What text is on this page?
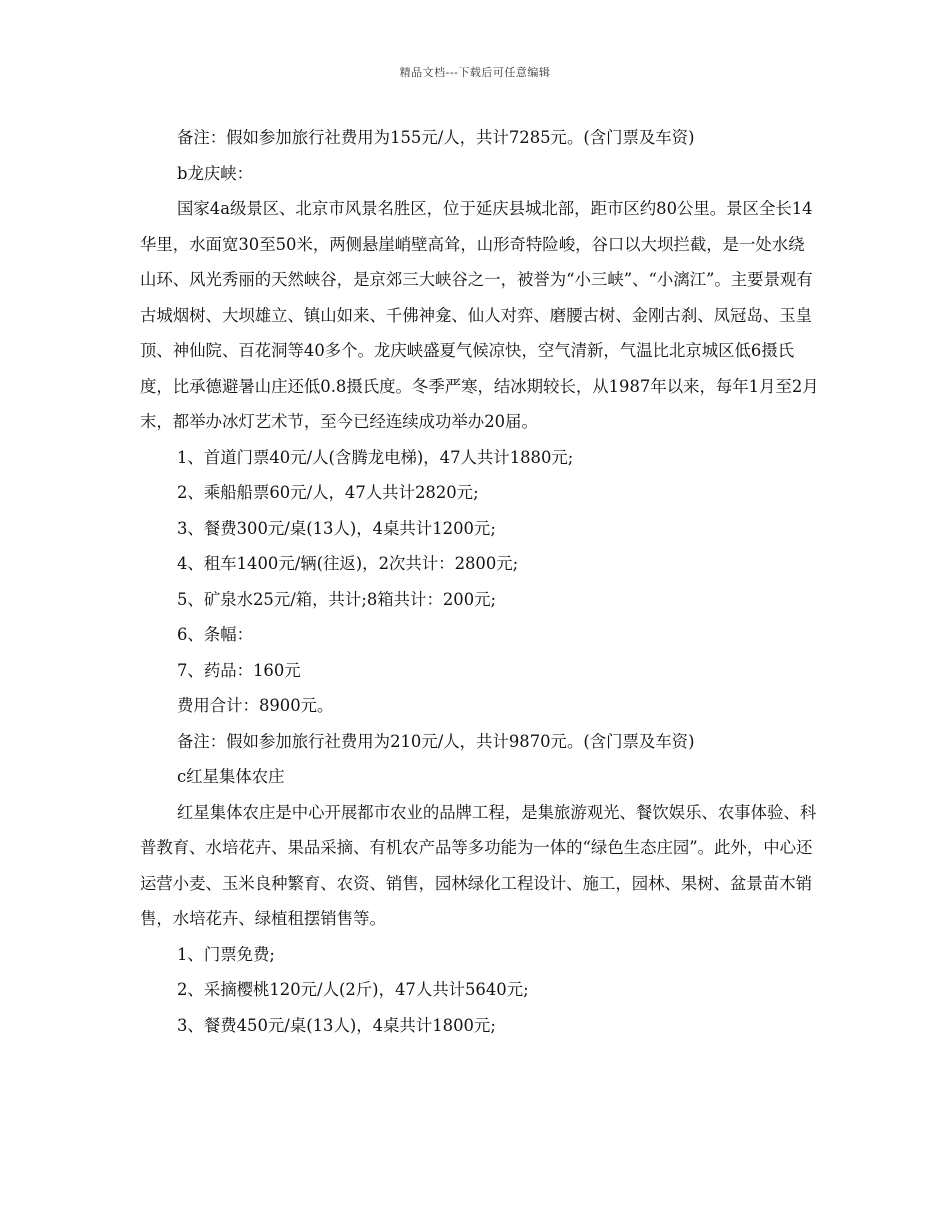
精品文档---下载后可任意编辑

备注：假如参加旅行社费用为155元/人，共计7285元。(含门票及车资)

b龙庆峡：

国家4a级景区、北京市风景名胜区，位于延庆县城北部，距市区约80公里。景区全长14华里，水面宽30至50米，两侧悬崖峭壁高耸，山形奇特险峻，谷口以大坝拦截，是一处水绕山环、风光秀丽的天然峡谷，是京郊三大峡谷之一，被誉为“小三峡”、“小漓江”。主要景观有古城烟树、大坝雄立、镇山如来、千佛神龛、仙人对弈、磨腰古树、金刚古刹、凤冠岛、玉皇顶、神仙院、百花洞等40多个。龙庆峡盛夏气候凉快，空气清新，气温比北京城区低6摄氏度，比承德避暑山庄还低0.8摄氏度。冬季严寒，结冰期较长，从1987年以来，每年1月至2月末，都举办冰灯艺术节，至今已经连续成功举办20届。

1、首道门票40元/人(含腾龙电梯)，47人共计1880元;

2、乘船船票60元/人，47人共计2820元;

3、餐费300元/桌(13人)，4桌共计1200元;

4、租车1400元/辆(往返)，2次共计：2800元;

5、矿泉水25元/箱，共计;8箱共计：200元;

6、条幅：

7、药品：160元

费用合计：8900元。

备注：假如参加旅行社费用为210元/人，共计9870元。(含门票及车资)

c红星集体农庄

红星集体农庄是中心开展都市农业的品牌工程，是集旅游观光、餐饮娱乐、农事体验、科普教育、水培花卉、果品采摘、有机农产品等多功能为一体的“绿色生态庄园”。此外，中心还运营小麦、玉米良种繁育、农资、销售，园林绿化工程设计、施工，园林、果树、盆景苗木销售，水培花卉、绿植租摆销售等。

1、门票免费;

2、采摘樱桃120元/人(2斤)，47人共计5640元;

3、餐费450元/桌(13人)，4桌共计1800元;
